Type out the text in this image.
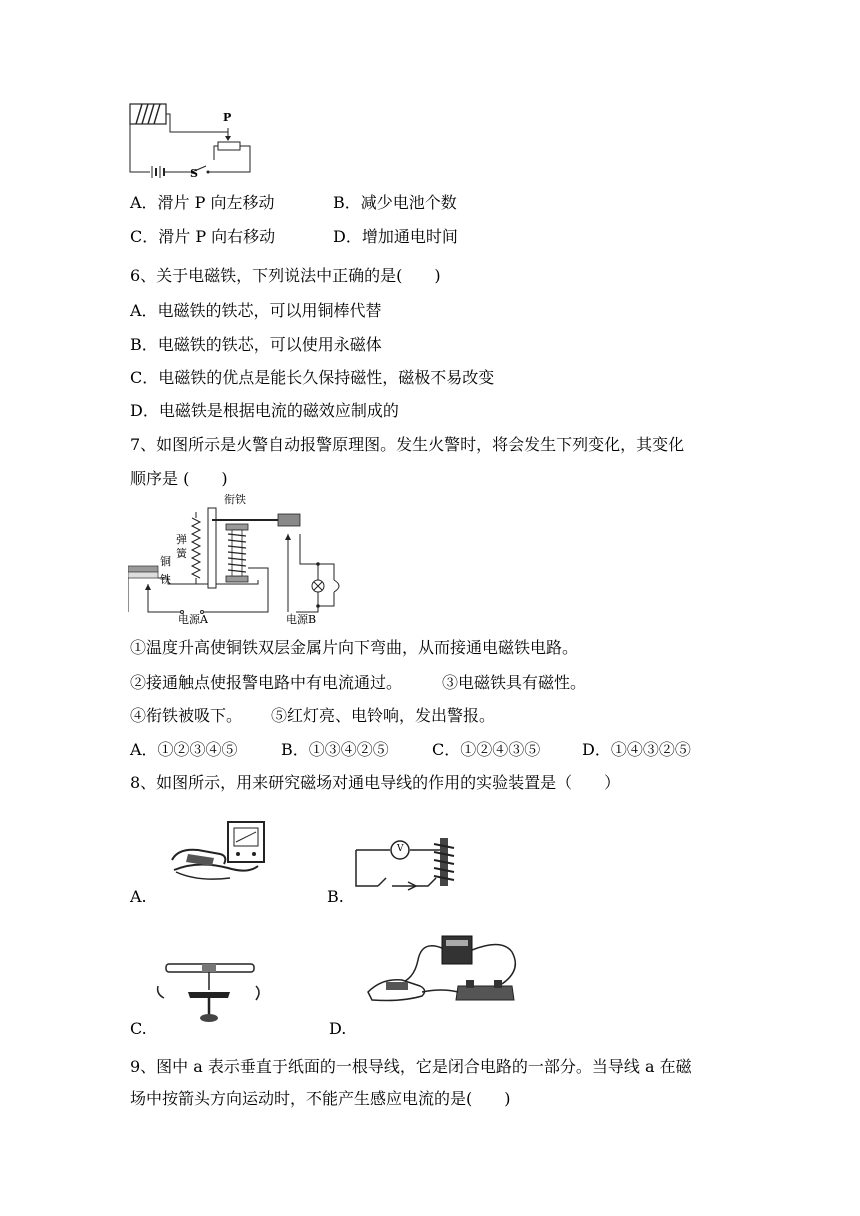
P
S
A．滑片 P 向左移动	B．减少电池个数
C．滑片 P 向右移动	D．增加通电时间
6、关于电磁铁，下列说法中正确的是(　　)
A．电磁铁的铁芯，可以用铜棒代替
B．电磁铁的铁芯，可以使用永磁体
C．电磁铁的优点是能长久保持磁性，磁极不易改变
D．电磁铁是根据电流的磁效应制成的
7、如图所示是火警自动报警原理图。发生火警时，将会发生下列变化，其变化
顺序是 (　　)
衔铁
弹
簧
铜
铁
电源A	电源B
①温度升高使铜铁双层金属片向下弯曲，从而接通电磁铁电路。
②接通触点使报警电路中有电流通过。 ③电磁铁具有磁性。
④衔铁被吸下。 ⑤红灯亮、电铃响，发出警报。
A．①②③④⑤	B．①③④②⑤	C．①②④③⑤	D．①④③②⑤
8、如图所示，用来研究磁场对通电导线的作用的实验装置是（　　）
A.
V
B.
C.	D.
9、图中 a 表示垂直于纸面的一根导线，它是闭合电路的一部分。当导线 a 在磁
场中按箭头方向运动时，不能产生感应电流的是(　　)
